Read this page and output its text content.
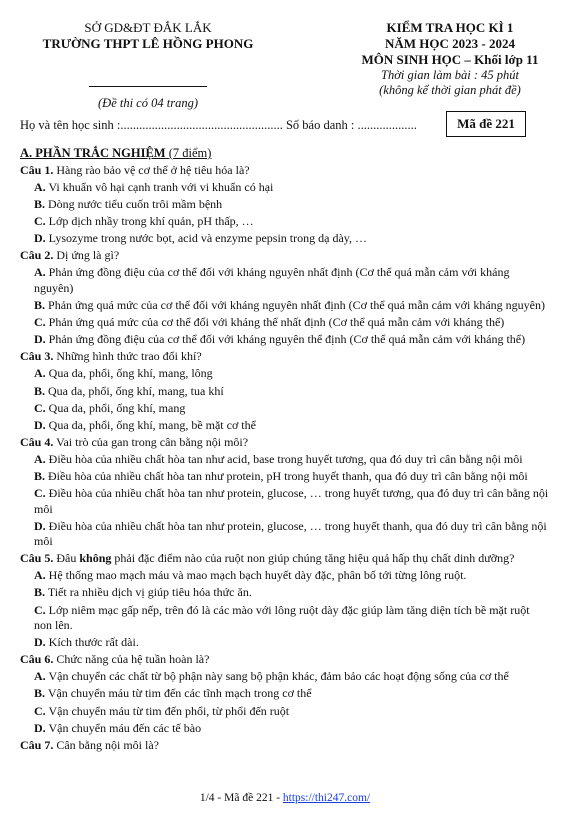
SỞ GD&ĐT ĐẮK LẮK
TRƯỜNG THPT LÊ HỒNG PHONG
(Đề thi có 04 trang)
KIỂM TRA HỌC KÌ 1
NĂM HỌC 2023 - 2024
MÔN SINH HỌC – Khối lớp 11
Thời gian làm bài : 45 phút
(không kể thời gian phát đề)
Họ và tên học sinh :.................................................... Số báo danh : ...................	Mã đề 221
A. PHẦN TRẮC NGHIỆM (7 điểm)
Câu 1. Hàng rào bảo vệ cơ thể ở hệ tiêu hóa là?
A. Vi khuẩn vô hại cạnh tranh với vi khuẩn có hại
B. Dòng nước tiểu cuốn trôi mầm bệnh
C. Lớp dịch nhầy trong khí quản, pH thấp, …
D. Lysozyme trong nước bọt, acid và enzyme pepsin trong dạ dày, …
Câu 2. Dị ứng là gì?
A. Phản ứng đồng điệu của cơ thể đối với kháng nguyên nhất định (Cơ thể quá mẫn cảm với kháng nguyên)
B. Phản ứng quá mức của cơ thể đối với kháng nguyên nhất định (Cơ thể quá mẫn cảm với kháng nguyên)
C. Phản ứng quá mức của cơ thể đối với kháng thể nhất định (Cơ thể quá mẫn cảm với kháng thể)
D. Phản ứng đồng điệu của cơ thể đối với kháng nguyên thể định (Cơ thể quá mẫn cảm với kháng thể)
Câu 3. Những hình thức trao đổi khí?
A. Qua da, phổi, ống khí, mang, lông
B. Qua da, phổi, ống khí, mang, tua khí
C. Qua da, phổi, ống khí, mang
D. Qua da, phổi, ống khí, mang, bề mặt cơ thể
Câu 4. Vai trò của gan trong cân bằng nội môi?
A. Điều hòa của nhiều chất hòa tan như acid, base trong huyết tương, qua đó duy trì cân bằng nội môi
B. Điều hòa của nhiều chất hòa tan như protein, pH trong huyết thanh, qua đó duy trì cân bằng nội môi
C. Điều hòa của nhiều chất hòa tan như protein, glucose, … trong huyết tương, qua đó duy trì cân bằng nội môi
D. Điều hòa của nhiều chất hòa tan như protein, glucose, … trong huyết thanh, qua đó duy trì cân bằng nội môi
Câu 5. Đâu không phải đặc điểm nào của ruột non giúp chúng tăng hiệu quả hấp thụ chất dinh dưỡng?
A. Hệ thống mao mạch máu và mao mạch bạch huyết dày đặc, phân bố tới từng lông ruột.
B. Tiết ra nhiều dịch vị giúp tiêu hóa thức ăn.
C. Lớp niêm mạc gấp nếp, trên đó là các mào với lông ruột dày đặc giúp làm tăng diện tích bề mặt ruột non lên.
D. Kích thước rất dài.
Câu 6. Chức năng của hệ tuần hoàn là?
A. Vận chuyển các chất từ bộ phận này sang bộ phận khác, đảm bảo các hoạt động sống của cơ thể
B. Vận chuyển máu từ tim đến các tĩnh mạch trong cơ thể
C. Vận chuyển máu từ tim đến phổi, từ phổi đến ruột
D. Vận chuyển máu đến các tế bào
Câu 7. Cân bằng nội môi là?
1/4 - Mã đề 221 - https://thi247.com/
